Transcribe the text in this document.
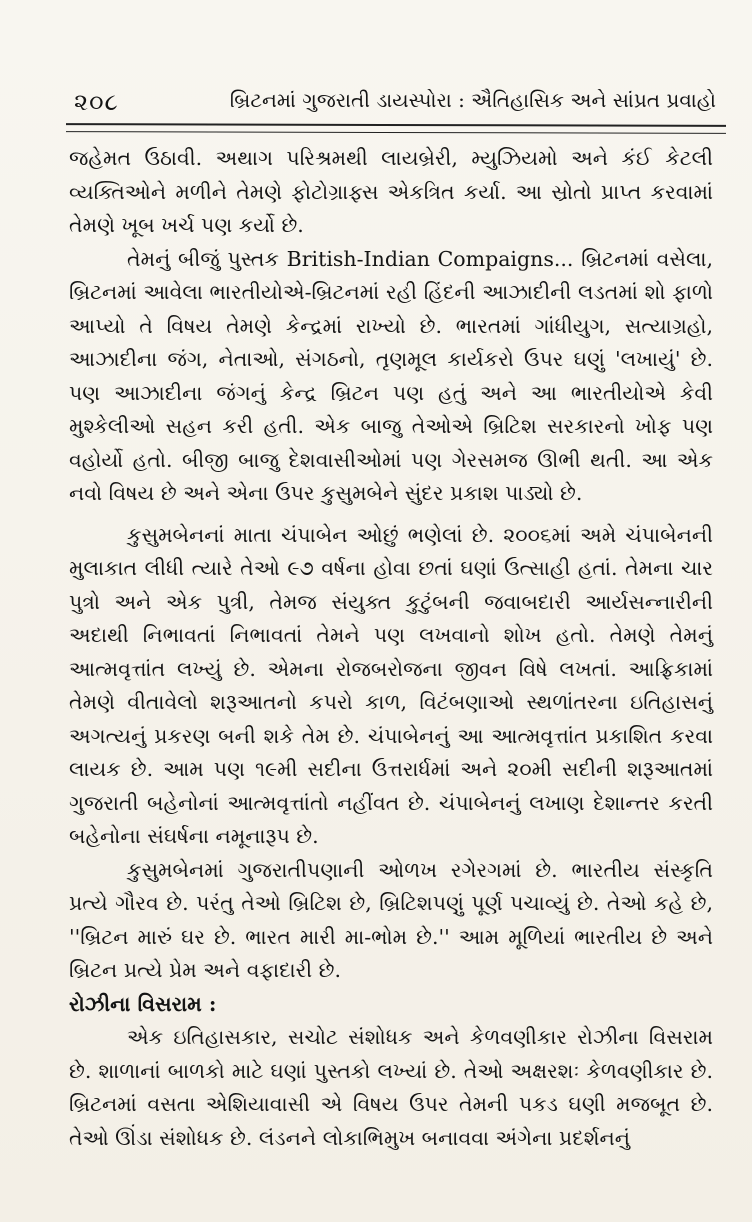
૨૦૮	બ્રિટનમાં ગુજરાતી ડાયસ્પોરા : ઐતિહાસિક અને સાંપ્રત પ્રવાહો

જહેમત ઉઠાવી. અથાગ પરિશ્રમથી લાયબ્રેરી, મ્યુઝિયમો અને કંઈ કેટલી વ્યક્તિઓને મળીને તેમણે ફોટોગ્રાફ્સ એકત્રિત કર્યા. આ સ્રોતો પ્રાપ્ત કરવામાં તેમણે ખૂબ ખર્ચ પણ કર્યો છે.

તેમનું બીજું પુસ્તક British-Indian Compaigns... બ્રિટનમાં વસેલા, બ્રિટનમાં આવેલા ભારતીયોએ-બ્રિટનમાં રહી હિંદની આઝાદીની લડતમાં શો ફાળો આપ્યો તે વિષય તેમણે કેન્દ્રમાં રાખ્યો છે. ભારતમાં ગાંધીયુગ, સત્યાગ્રહો, આઝાદીના જંગ, નેતાઓ, સંગઠનો, તૃણમૂલ કાર્યકરો ઉપર ઘણું 'લખાયું' છે. પણ આઝાદીના જંગનું કેન્દ્ર બ્રિટન પણ હતું અને આ ભારતીયોએ કેવી મુશ્કેલીઓ સહન કરી હતી. એક બાજુ તેઓએ બ્રિટિશ સરકારનો ખોફ પણ વહોર્યો હતો. બીજી બાજુ દેશવાસીઓમાં પણ ગેરસમજ ઊભી થતી. આ એક નવો વિષય છે અને એના ઉપર કુસુમબેને સુંદર પ્રકાશ પાડ્યો છે.

કુસુમબેનનાં માતા ચંપાબેન ઓછું ભણેલાં છે. ૨૦૦૬માં અમે ચંપાબેનની મુલાકાત લીધી ત્યારે તેઓ ૯૭ વર્ષના હોવા છતાં ઘણાં ઉત્સાહી હતાં. તેમના ચાર પુત્રો અને એક પુત્રી, તેમજ સંયુક્ત કુટુંબની જવાબદારી આર્યસન્નારીની અદાથી નિભાવતાં નિભાવતાં તેમને પણ લખવાનો શોખ હતો. તેમણે તેમનું આત્મવૃત્તાંત લખ્યું છે. એમના રોજબરોજના જીવન વિષે લખતાં. આફ્રિકામાં તેમણે વીતાવેલો શરૂઆતનો કપરો કાળ, વિટંબણાઓ સ્થળાંતરના ઇતિહાસનું અગત્યનું પ્રકરણ બની શકે તેમ છે. ચંપાબેનનું આ આત્મવૃત્તાંત પ્રકાશિત કરવા લાયક છે. આમ પણ ૧૯મી સદીના ઉત્તરાર્ધમાં અને ૨૦મી સદીની શરૂઆતમાં ગુજરાતી બહેનોનાં આત્મવૃત્તાંતો નહીંવત છે. ચંપાબેનનું લખાણ દેશાન્તર કરતી બહેનોના સંઘર્ષના નમૂનારૂપ છે.

કુસુમબેનમાં ગુજરાતીપણાની ઓળખ રગેરગમાં છે. ભારતીય સંસ્કૃતિ પ્રત્યે ગૌરવ છે. પરંતુ તેઓ બ્રિટિશ છે, બ્રિટિશપણું પૂર્ણ પચાવ્યું છે. તેઓ કહે છે, ''બ્રિટન મારું ઘર છે. ભારત મારી મા-ભોમ છે.'' આમ મૂળિયાં ભારતીય છે અને બ્રિટન પ્રત્યે પ્રેમ અને વફાદારી છે.

રોઝીના વિસરામ :

એક ઇતિહાસકાર, સચોટ સંશોધક અને કેળવણીકાર રોઝીના વિસરામ છે. શાળાનાં બાળકો માટે ઘણાં પુસ્તકો લખ્યાં છે. તેઓ અક્ષરશઃ કેળવણીકાર છે. બ્રિટનમાં વસતા એશિયાવાસી એ વિષય ઉપર તેમની પકડ ઘણી મજબૂત છે. તેઓ ઊંડા સંશોધક છે. લંડનને લોકાભિમુખ બનાવવા અંગેના પ્રદર્શનનું
